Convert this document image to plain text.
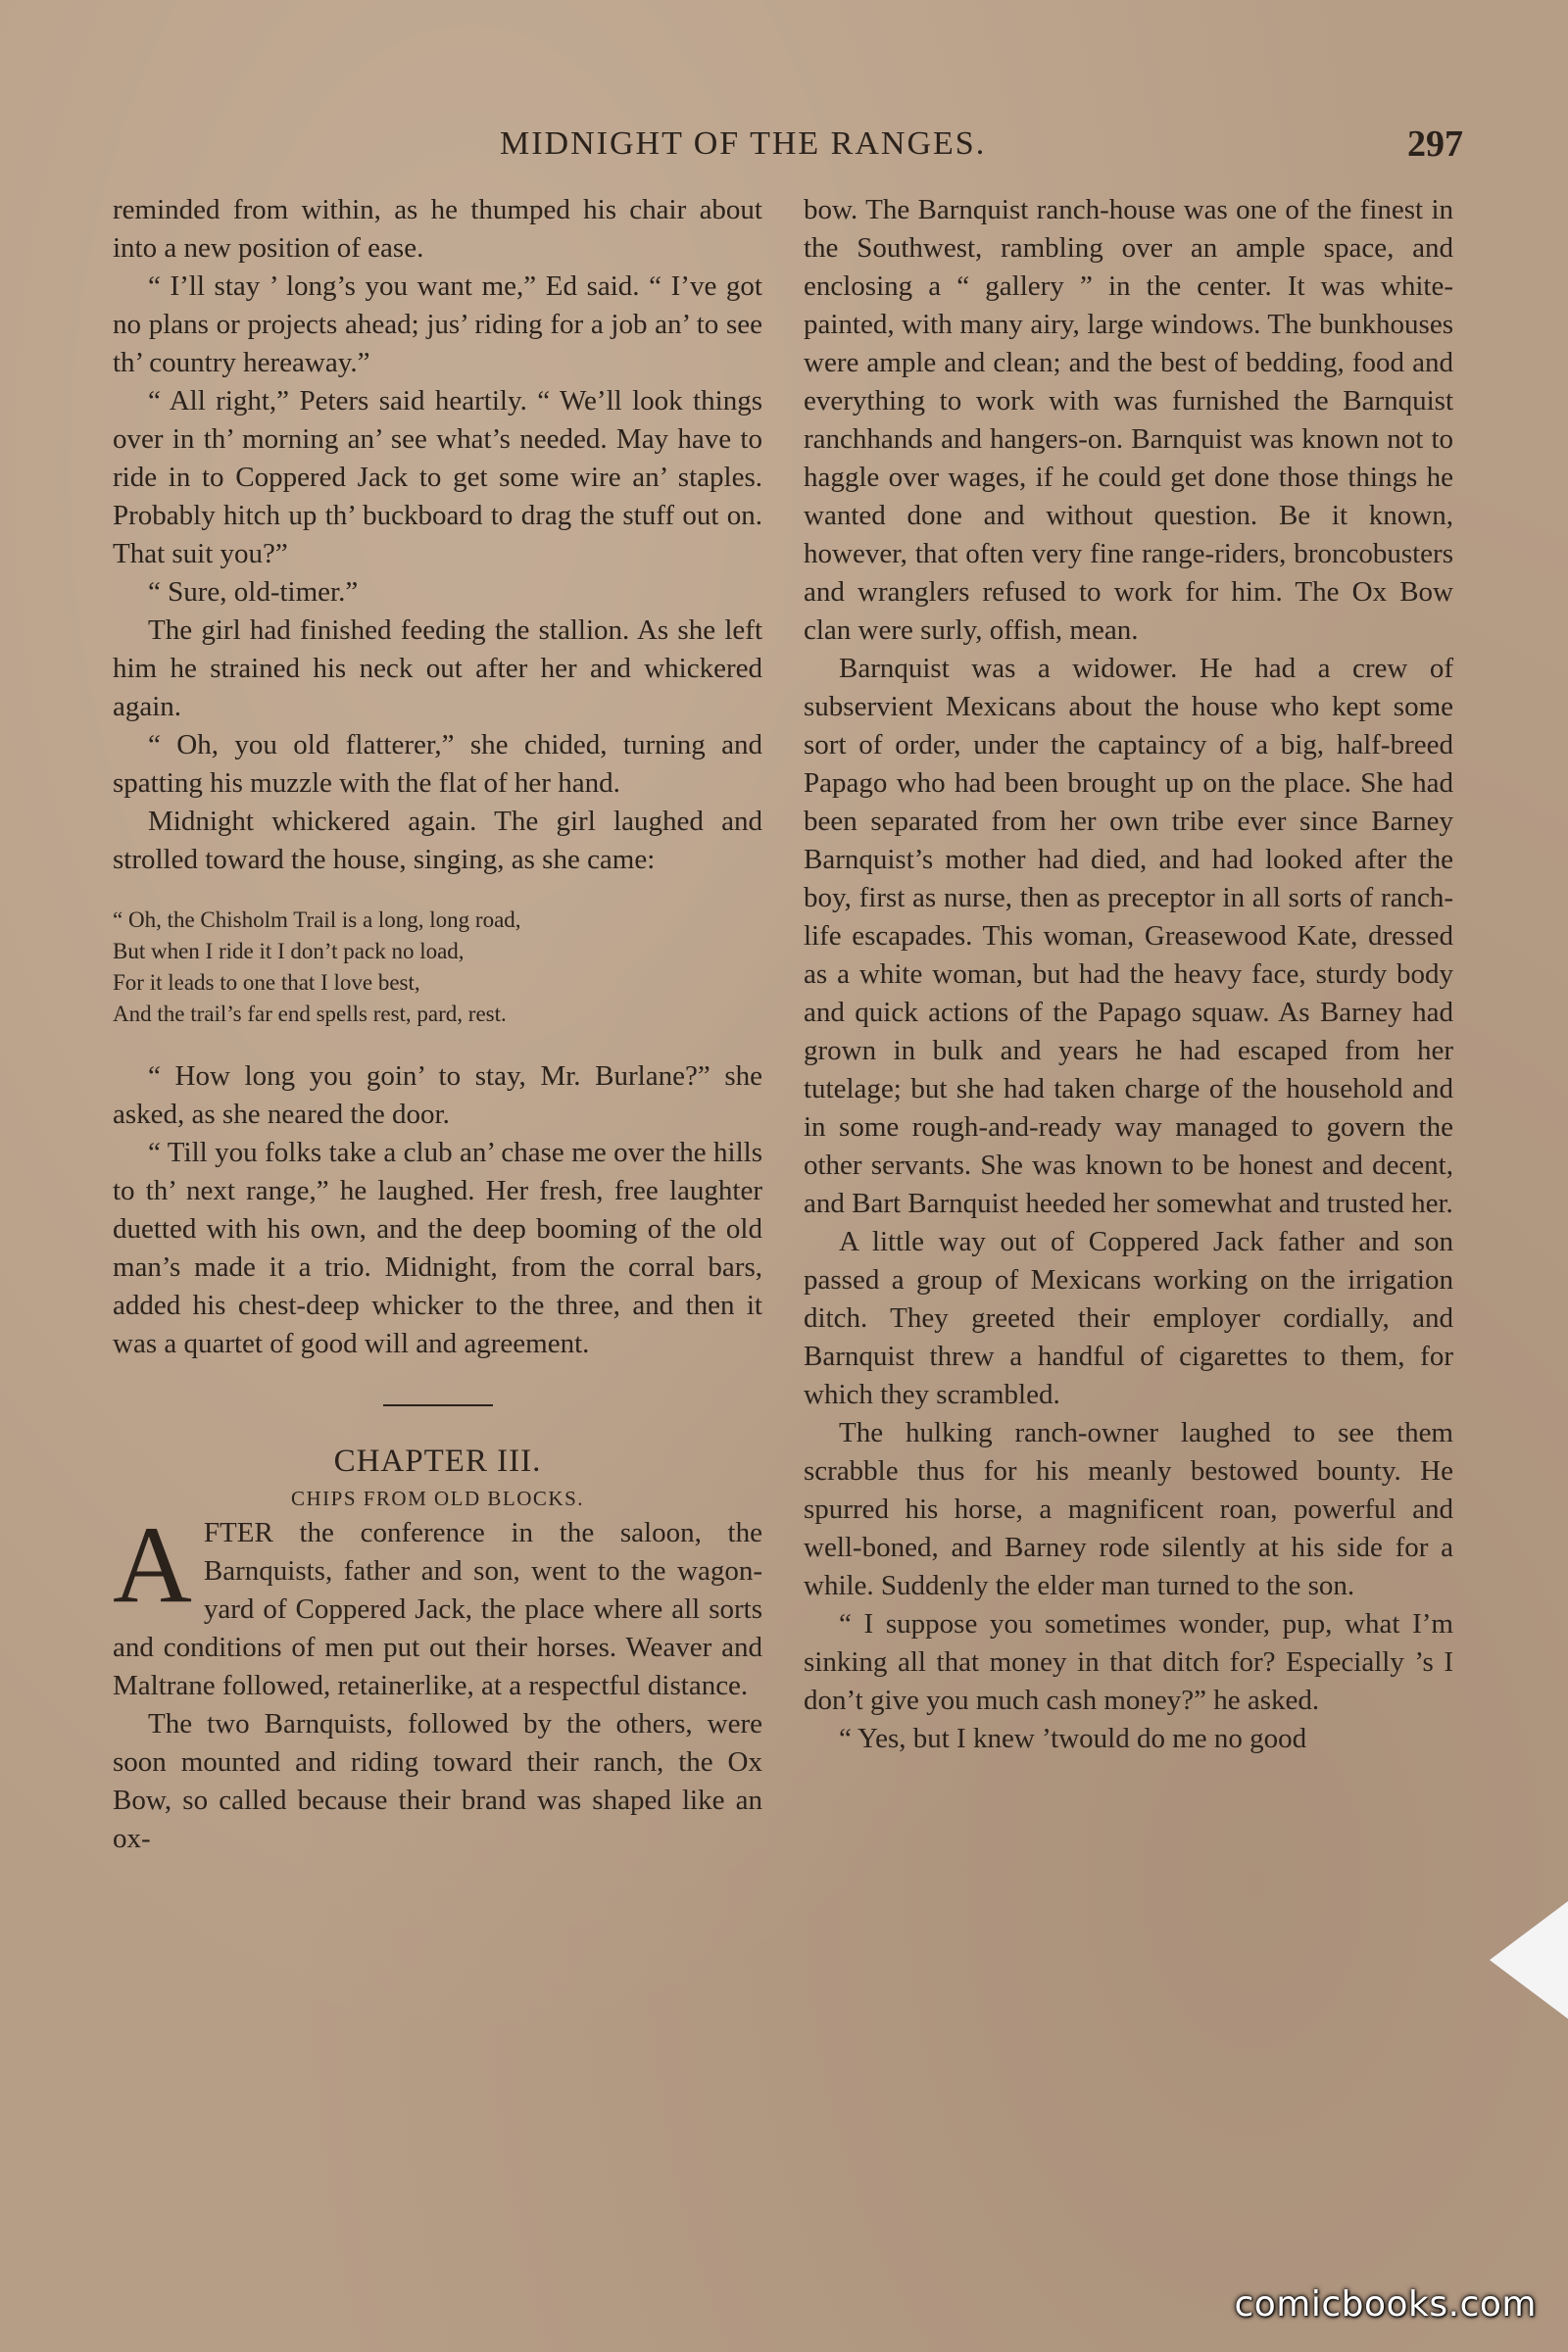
MIDNIGHT OF THE RANGES.	297

reminded from within, as he thumped his chair about into a new position of ease.

“ I’ll stay ’ long’s you want me,” Ed said. “ I’ve got no plans or projects ahead; jus’ riding for a job an’ to see th’ country hereaway.”

“ All right,” Peters said heartily. “ We’ll look things over in th’ morning an’ see what’s needed. May have to ride in to Coppered Jack to get some wire an’ staples. Probably hitch up th’ buckboard to drag the stuff out on. That suit you?”

“ Sure, old-timer.”

The girl had finished feeding the stallion. As she left him he strained his neck out after her and whickered again.

“ Oh, you old flatterer,” she chided, turning and spatting his muzzle with the flat of her hand.

Midnight whickered again. The girl laughed and strolled toward the house, singing, as she came:

“ Oh, the Chisholm Trail is a long, long road,
But when I ride it I don’t pack no load,
For it leads to one that I love best,
And the trail’s far end spells rest, pard, rest.

“ How long you goin’ to stay, Mr. Burlane?” she asked, as she neared the door.

“ Till you folks take a club an’ chase me over the hills to th’ next range,” he laughed. Her fresh, free laughter duetted with his own, and the deep booming of the old man’s made it a trio. Midnight, from the corral bars, added his chest-deep whicker to the three, and then it was a quartet of good will and agreement.

CHAPTER III.

CHIPS FROM OLD BLOCKS.

AFTER the conference in the saloon, the Barnquists, father and son, went to the wagon-yard of Coppered Jack, the place where all sorts and conditions of men put out their horses. Weaver and Maltrane followed, retainerlike, at a respectful distance.

The two Barnquists, followed by the others, were soon mounted and riding toward their ranch, the Ox Bow, so called because their brand was shaped like an ox-

bow. The Barnquist ranch-house was one of the finest in the Southwest, rambling over an ample space, and enclosing a “ gallery ” in the center. It was white-painted, with many airy, large windows. The bunkhouses were ample and clean; and the best of bedding, food and everything to work with was furnished the Barnquist ranchhands and hangers-on. Barnquist was known not to haggle over wages, if he could get done those things he wanted done and without question. Be it known, however, that often very fine range-riders, broncobusters and wranglers refused to work for him. The Ox Bow clan were surly, offish, mean.

Barnquist was a widower. He had a crew of subservient Mexicans about the house who kept some sort of order, under the captaincy of a big, half-breed Papago who had been brought up on the place. She had been separated from her own tribe ever since Barney Barnquist’s mother had died, and had looked after the boy, first as nurse, then as preceptor in all sorts of ranch-life escapades. This woman, Greasewood Kate, dressed as a white woman, but had the heavy face, sturdy body and quick actions of the Papago squaw. As Barney had grown in bulk and years he had escaped from her tutelage; but she had taken charge of the household and in some rough-and-ready way managed to govern the other servants. She was known to be honest and decent, and Bart Barnquist heeded her somewhat and trusted her.

A little way out of Coppered Jack father and son passed a group of Mexicans working on the irrigation ditch. They greeted their employer cordially, and Barnquist threw a handful of cigarettes to them, for which they scrambled.

The hulking ranch-owner laughed to see them scrabble thus for his meanly bestowed bounty. He spurred his horse, a magnificent roan, powerful and well-boned, and Barney rode silently at his side for a while. Suddenly the elder man turned to the son.

“ I suppose you sometimes wonder, pup, what I’m sinking all that money in that ditch for? Especially ’s I don’t give you much cash money?” he asked.

“ Yes, but I knew ’twould do me no good

comicbooks.com
